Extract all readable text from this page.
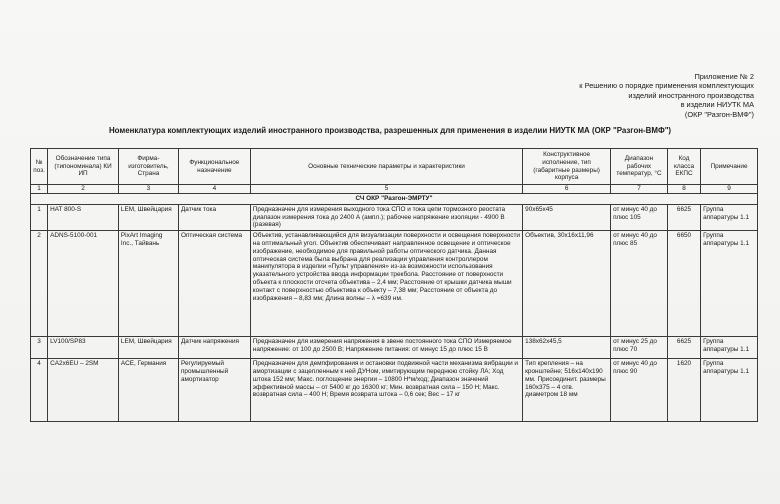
Приложение № 2
к Решению о порядке применения комплектующих
изделий иностранного производства
в изделии НИУТК МА
(ОКР "Разгон-ВМФ")
Номенклатура комплектующих изделий иностранного производства, разрешенных для применения в изделии НИУТК МА (ОКР "Разгон-ВМФ")
№ поз.	Обозначение типа (типономинала) КИ ИП	Фирма-изготовитель, Страна	Функциональное назначение	Основные технические параметры и характеристики	Конструктивное исполнение, тип (габаритные размеры) корпуса	Диапазон рабочих температур, °С	Код класса ЕКПС	Примечание
1	2	3	4	5	6	7	8	9
СЧ ОКР "Разгон-ЭМРТУ"								
1	HAT 800-S	LEM, Швейцария	Датчик тока	Предназначен для измерения выходного тока СПО и тока цепи тормозного реостата диапазон измерения тока до 2400 А (ампл.); рабочее напряжение изоляции - 4900 В (разевая)	90х65х45	от минус 40 до плюс 105	6625	Группа аппаратуры 1.1
2	ADNS-5100-001	PixArt Imaging Inc., Тайвань	Оптическая система	Объектив, устанавливающийся для визуализации поверхности и освещения поверхности на оптимальный угол. Объектив обеспечивает направленное освещение и оптическое изображение, необходимое для правильной работы оптического датчика. Данная оптическая система была выбрана для реализации управления контроллером манипулятора в изделии «Пульт управления» из-за возможности использования указательного устройства ввода информации трекбола. Расстояние от поверхности объекта к плоскости отсчета объектива – 2,4 мм; Расстояние от крышки датчика мыши контакт с поверхностью объектива к объекту – 7,38 мм; Расстояние от объекта до изображения – 8,83 мм; Длина волны – λ =639 нм.	Объектив, 30х16х11,96	от минус 40 до плюс 85	6650	Группа аппаратуры 1.1
3	LV100/SP83	LEM, Швейцария	Датчик напряжения	Предназначен для измерения напряжения в звене постоянного тока СПО Измеряемое напряжение: от 100 до 2500 В; Напряжение питания: от минус 15 до плюс 15 В	138х62х45,5	от минус 25 до плюс 70	6625	Группа аппаратуры 1.1
4	CA2x6EU – 2SM	ACE, Германия	Регулируемый промышленный амортизатор	Предназначен для демпфирования и остановки подвижной части механизма вибрации и амортизации с зацепленным к ней ДУНом, имитирующим переднюю стойку ЛА; Ход штока 152 мм; Макс. поглощение энергии – 10800 Н*м/ход; Диапазон значений эффективной массы – от 5400 кг до 16300 кг; Мин. возвратная сила – 150 Н; Макс. возвратная сила – 400 Н; Время возврата штока – 0,6 сек; Вес – 17 кг	Тип крепления – на кронштейне; 516х140х190 мм. Присоединит. размеры 160х375 – 4 отв. диаметром 18 мм	от минус 40 до плюс 90	1620	Группа аппаратуры 1.1
